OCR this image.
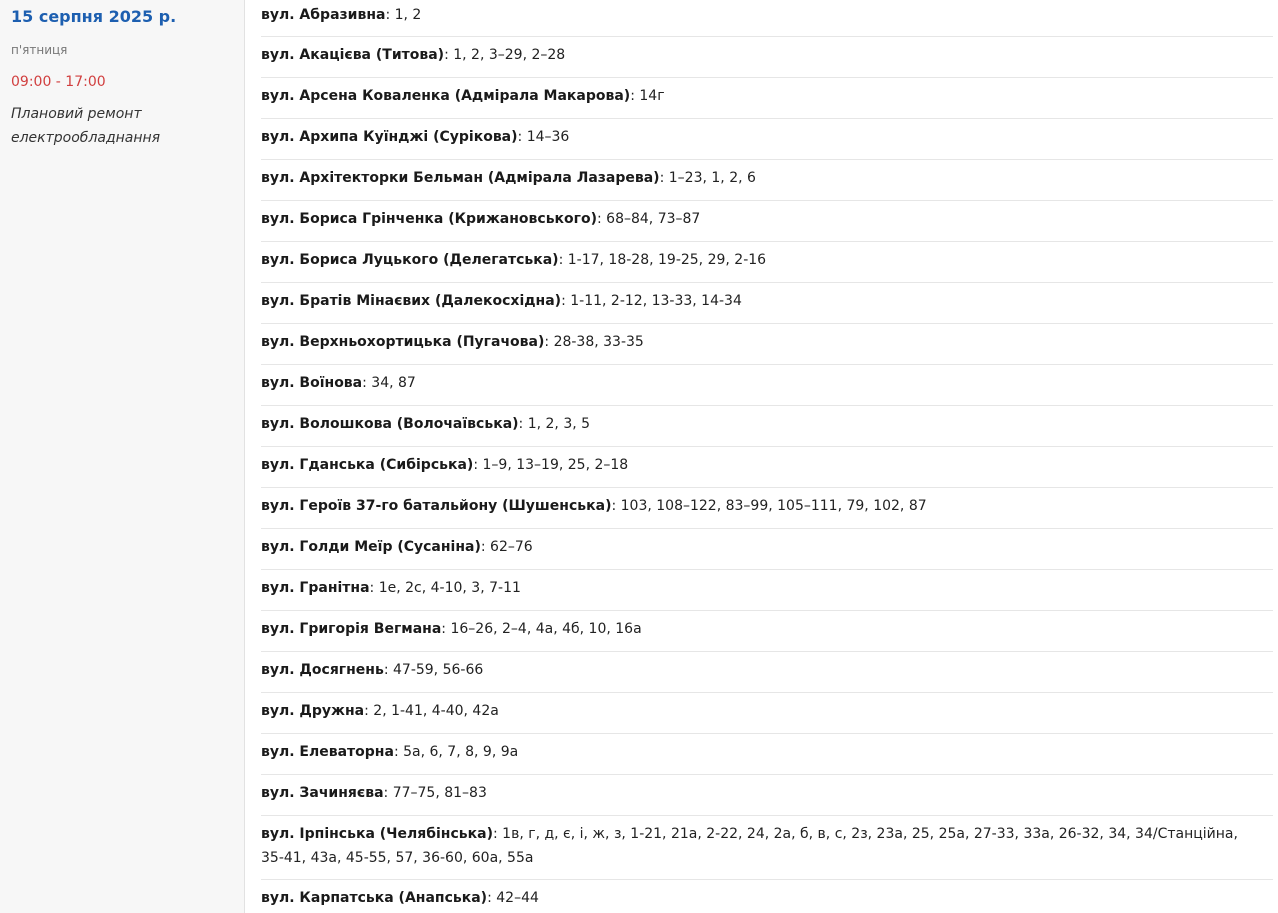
15 серпня 2025 р.
п'ятниця
09:00 - 17:00
Плановий ремонт електрообладнання
вул. Абразивна: 1, 2
вул. Акацієва (Титова): 1, 2, 3–29, 2–28
вул. Арсена Коваленка (Адмірала Макарова): 14г
вул. Архипа Куїнджі (Сурікова): 14–36
вул. Архітекторки Бельман (Адмірала Лазарева): 1–23, 1, 2, 6
вул. Бориса Грінченка (Крижановського): 68–84, 73–87
вул. Бориса Луцького (Делегатська): 1-17, 18-28, 19-25, 29, 2-16
вул. Братів Мінаєвих (Далекосхідна): 1-11, 2-12, 13-33, 14-34
вул. Верхньохортицька (Пугачова): 28-38, 33-35
вул. Воїнова: 34, 87
вул. Волошкова (Волочаївська): 1, 2, 3, 5
вул. Гданська (Сибірська): 1–9, 13–19, 25, 2–18
вул. Героїв 37-го батальйону (Шушенська): 103, 108–122, 83–99, 105–111, 79, 102, 87
вул. Голди Меїр (Сусаніна): 62–76
вул. Гранітна: 1е, 2с, 4-10, 3, 7-11
вул. Григорія Вегмана: 16–26, 2–4, 4а, 4б, 10, 16а
вул. Досягнень: 47-59, 56-66
вул. Дружна: 2, 1-41, 4-40, 42а
вул. Елеваторна: 5а, 6, 7, 8, 9, 9а
вул. Зачиняєва: 77–75, 81–83
вул. Ірпінська (Челябінська): 1в, г, д, є, і, ж, з, 1-21, 21а, 2-22, 24, 2а, б, в, с, 2з, 23а, 25, 25а, 27-33, 33а, 26-32, 34, 34/Станційна, 35-41, 43а, 45-55, 57, 36-60, 60а, 55а
вул. Карпатська (Анапська): 42–44
